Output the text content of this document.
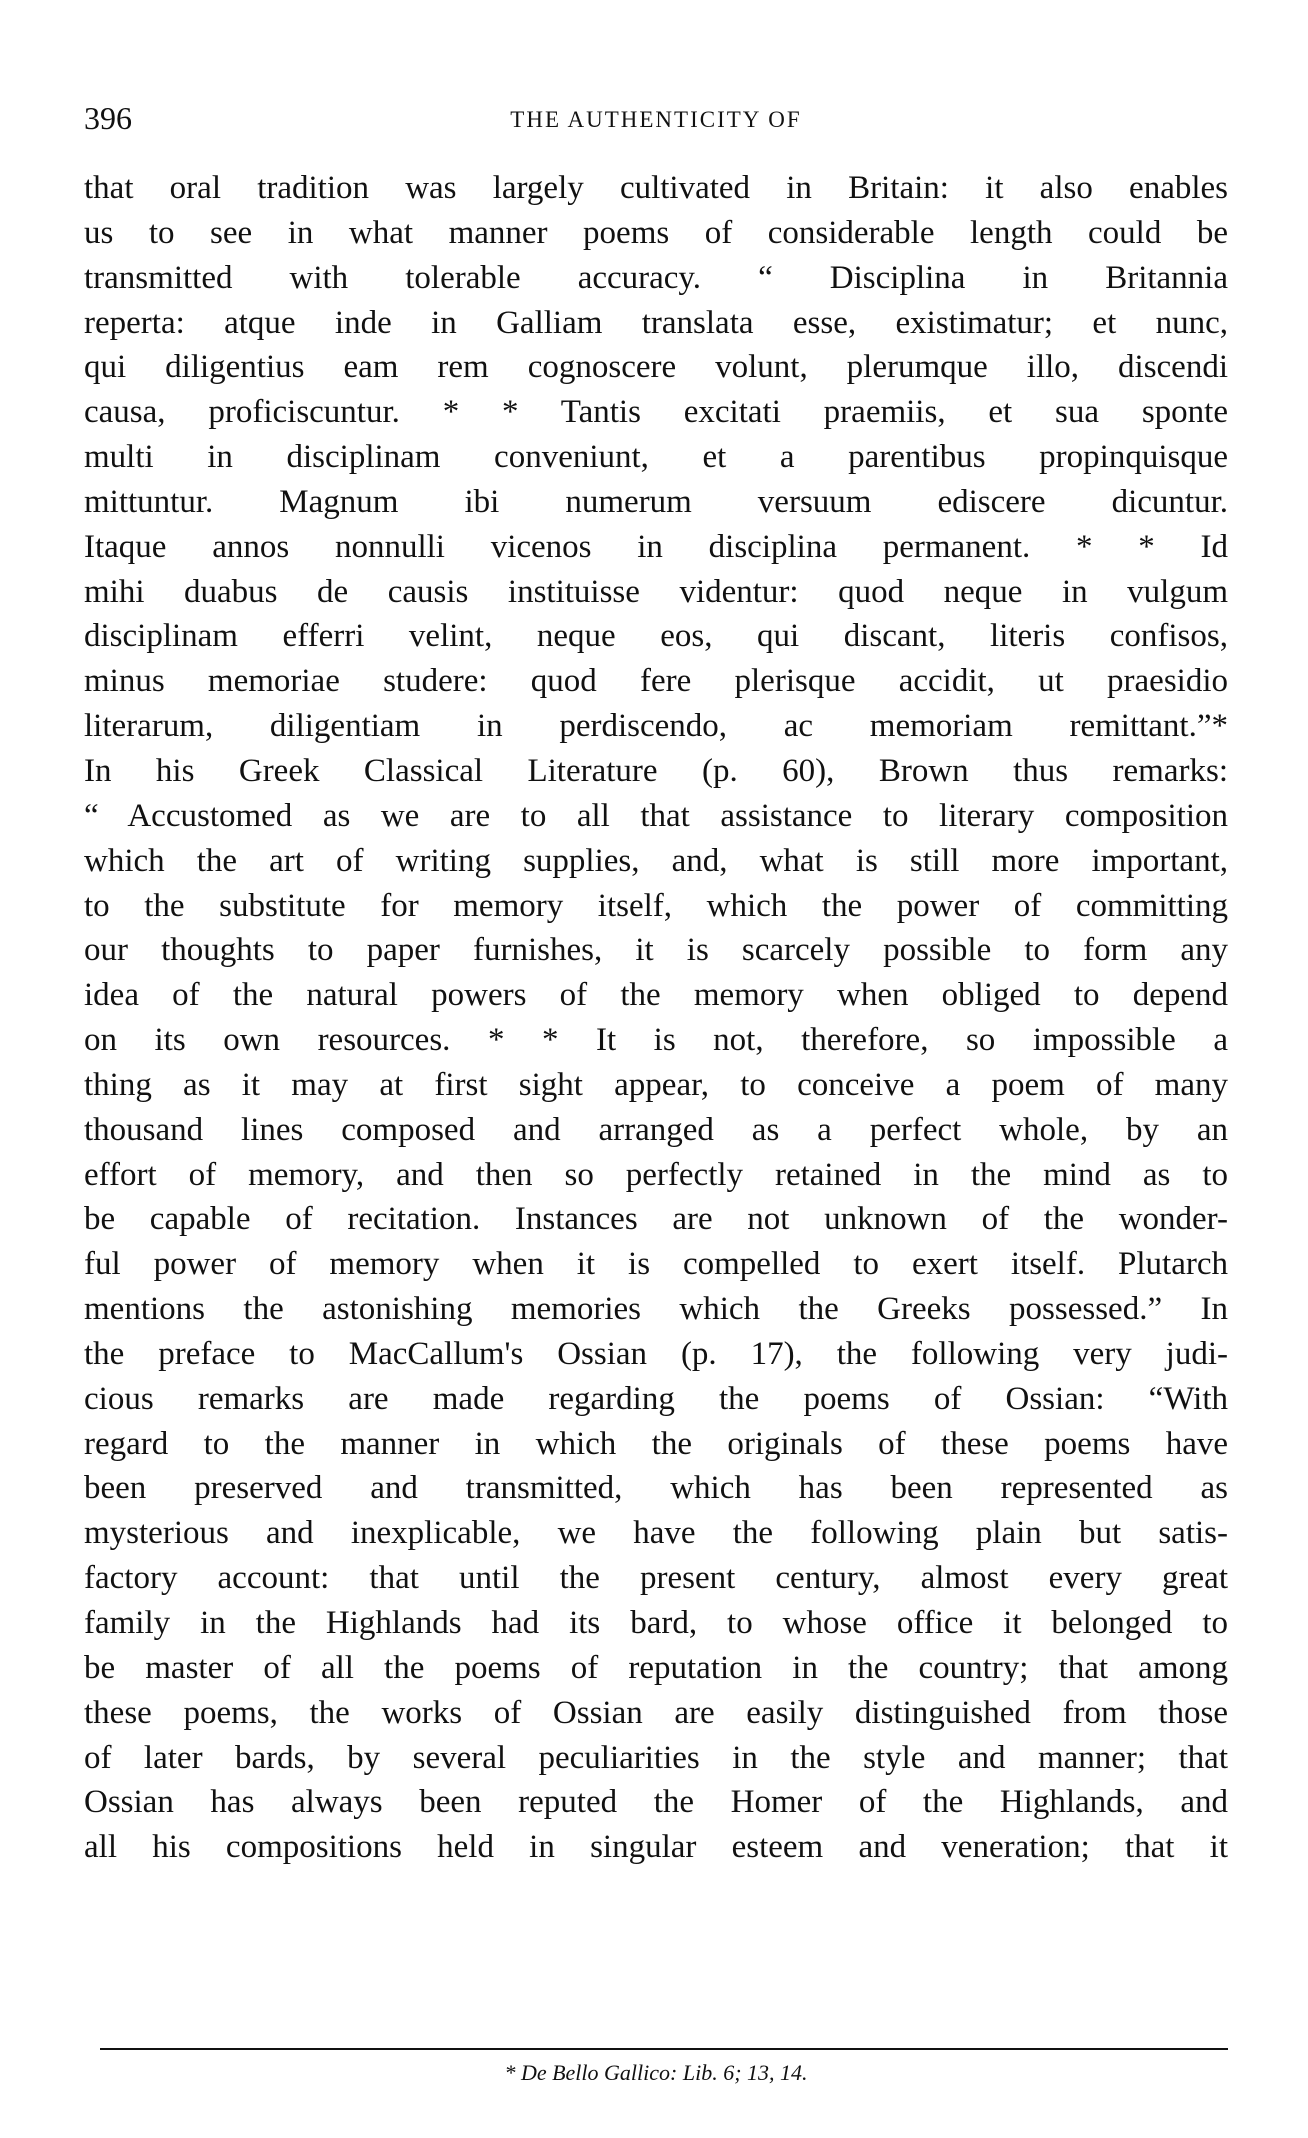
396	THE AUTHENTICITY OF
that oral tradition was largely cultivated in Britain: it also enables
us to see in what manner poems of considerable length could be
transmitted with tolerable accuracy. “ Disciplina in Britannia
reperta: atque inde in Galliam translata esse, existimatur; et nunc,
qui diligentius eam rem cognoscere volunt, plerumque illo, discendi
causa, proficiscuntur. * * Tantis excitati praemiis, et sua sponte
multi in disciplinam conveniunt, et a parentibus propinquisque
mittuntur. Magnum ibi numerum versuum ediscere dicuntur.
Itaque annos nonnulli vicenos in disciplina permanent. * * Id
mihi duabus de causis instituisse videntur: quod neque in vulgum
disciplinam efferri velint, neque eos, qui discant, literis confisos,
minus memoriae studere: quod fere plerisque accidit, ut praesidio
literarum, diligentiam in perdiscendo, ac memoriam remittant.”*
In his Greek Classical Literature (p. 60), Brown thus remarks:
“ Accustomed as we are to all that assistance to literary composition
which the art of writing supplies, and, what is still more important,
to the substitute for memory itself, which the power of committing
our thoughts to paper furnishes, it is scarcely possible to form any
idea of the natural powers of the memory when obliged to depend
on its own resources. * * It is not, therefore, so impossible a
thing as it may at first sight appear, to conceive a poem of many
thousand lines composed and arranged as a perfect whole, by an
effort of memory, and then so perfectly retained in the mind as to
be capable of recitation. Instances are not unknown of the wonder-
ful power of memory when it is compelled to exert itself. Plutarch
mentions the astonishing memories which the Greeks possessed.” In
the preface to MacCallum's Ossian (p. 17), the following very judi-
cious remarks are made regarding the poems of Ossian: “With
regard to the manner in which the originals of these poems have
been preserved and transmitted, which has been represented as
mysterious and inexplicable, we have the following plain but satis-
factory account: that until the present century, almost every great
family in the Highlands had its bard, to whose office it belonged to
be master of all the poems of reputation in the country; that among
these poems, the works of Ossian are easily distinguished from those
of later bards, by several peculiarities in the style and manner; that
Ossian has always been reputed the Homer of the Highlands, and
all his compositions held in singular esteem and veneration; that it
* De Bello Gallico: Lib. 6; 13, 14.
